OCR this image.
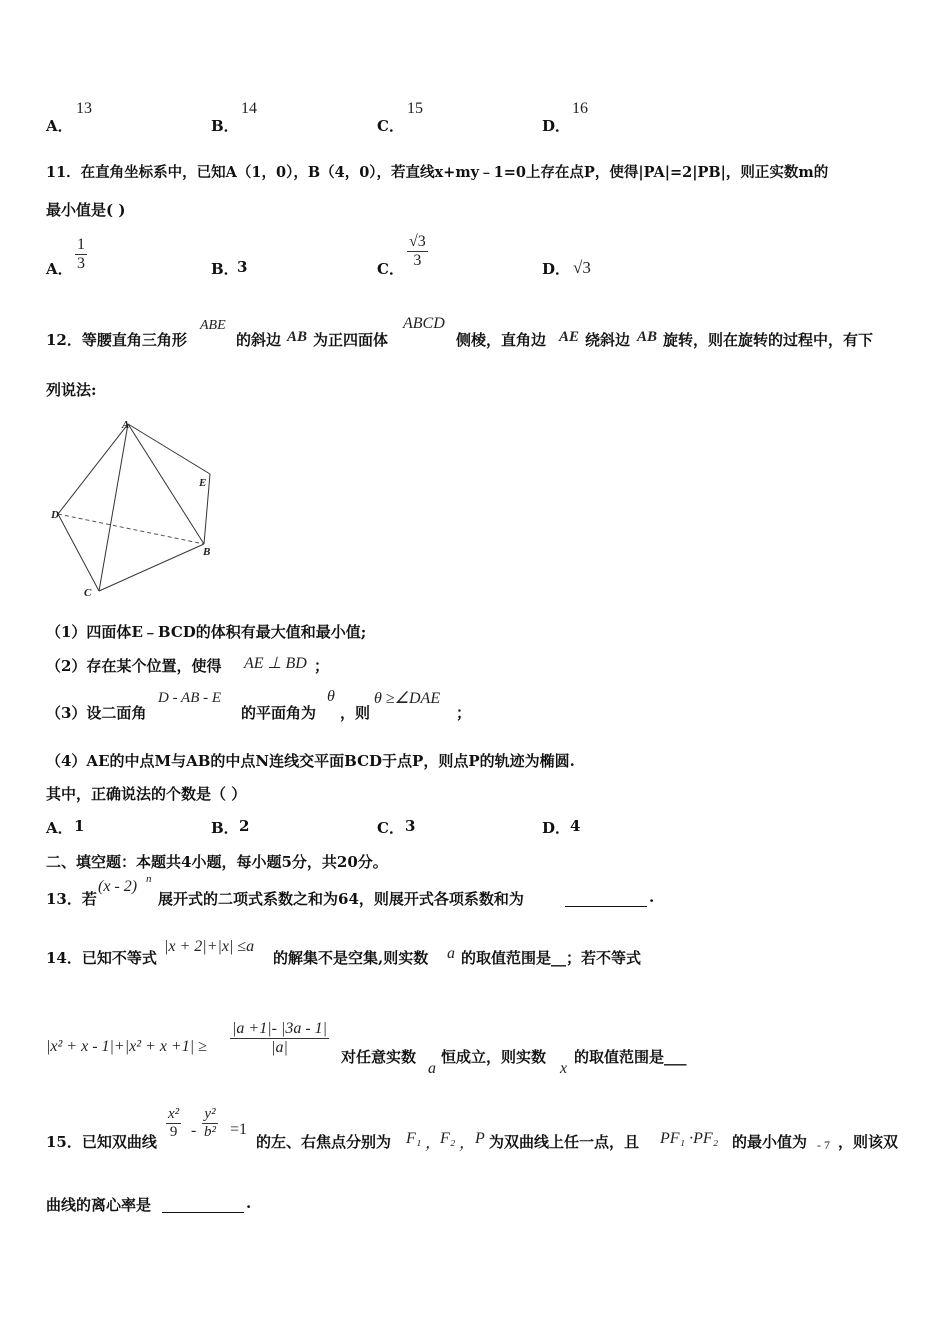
A．
13
B．
14
C．
15
D．
16
11．在直角坐标系中，已知A（1，0），B（4，0），若直线x+my﹣1=0上存在点P，使得|PA|=2|PB|，则正实数m的
最小值是( )
A． $\frac{1}{3}$	B．
3	C． $\frac{√3}{3}$	D． √3
12．等腰直角三角形
ABE
的斜边 AB 为正四面体
ABCD
侧棱，直角边 AE 绕斜边 AB 旋转，则在旋转的过程中，有下
列说法:
A
E
D
B
C
（1）四面体E﹣BCD的体积有最大值和最小值;
（2）存在某个位置，使得 AE ⊥ BD ；
（3）设二面角
D - AB - E
的平面角为
θ
，则
θ ≥∠DAE
；
（4）AE的中点M与AB的中点N连线交平面BCD于点P，则点P的轨迹为椭圆.
其中，正确说法的个数是（ ）
A． 1	B． 2	C． 3	D． 4
二、填空题：本题共4小题，每小题5分，共20分。
13．若
(x - 2) n
展开式的二项式系数之和为64，则展开式各项系数和为	.
14．已知不等式
|x + 2|+|x| ≤a
的解集不是空集,则实数 a 的取值范围是__；若不等式
$|x^2 + x - 1|+|x^2 + x +1| \ge \frac{|a +1|- |3a - 1|}{|a|}$ 对任意实数
a
恒成立，则实数
x
的取值范围是___
15．已知双曲线
$\frac{\text{x²}}{9} - \frac{\text{y²}}{\text{b²}} =1$
的左、右焦点分别为 F₁ ，
F₂ ， P 为双曲线上任一点，且 PF₁ ·PF₂ 的最小值为 - 7 ，则该双
曲线的离心率是	.
